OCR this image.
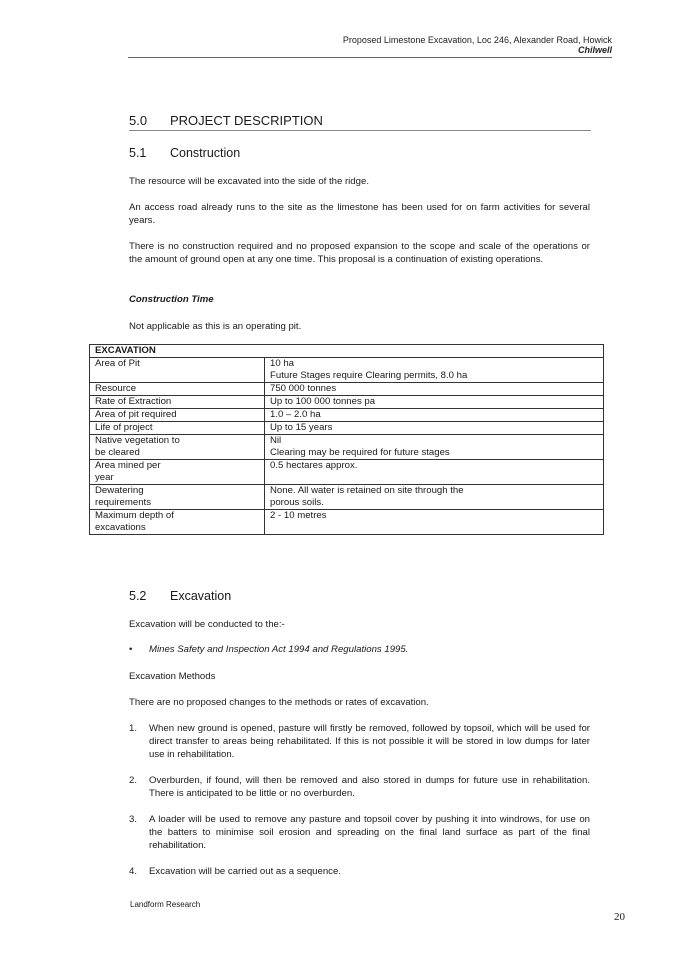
Proposed Limestone Excavation, Loc 246, Alexander Road, Howick
Chilwell
5.0 PROJECT DESCRIPTION
5.1 Construction
The resource will be excavated into the side of the ridge.
An access road already runs to the site as the limestone has been used for on farm activities for several years.
There is no construction required and no proposed expansion to the scope and scale of the operations or the amount of ground open at any one time. This proposal is a continuation of existing operations.
Construction Time
Not applicable as this is an operating pit.
EXCAVATION	
Area of Pit	10 ha
Future Stages require Clearing permits, 8.0 ha
Resource	750 000 tonnes
Rate of Extraction	Up to 100 000 tonnes pa
Area of pit required	1.0 – 2.0 ha
Life of project	Up to 15 years
Native vegetation to
be cleared	Nil
Clearing may be required for future stages
Area mined per
year	0.5 hectares approx.
Dewatering
requirements	None. All water is retained on site through the
porous soils.
Maximum depth of
excavations	2 - 10 metres
5.2 Excavation
Excavation will be conducted to the:-
• Mines Safety and Inspection Act 1994 and Regulations 1995.
Excavation Methods
There are no proposed changes to the methods or rates of excavation.
1. When new ground is opened, pasture will firstly be removed, followed by topsoil, which will be used for direct transfer to areas being rehabilitated. If this is not possible it will be stored in low dumps for later use in rehabilitation.
2. Overburden, if found, will then be removed and also stored in dumps for future use in rehabilitation. There is anticipated to be little or no overburden.
3. A loader will be used to remove any pasture and topsoil cover by pushing it into windrows, for use on the batters to minimise soil erosion and spreading on the final land surface as part of the final rehabilitation.
4. Excavation will be carried out as a sequence.
Landform Research
20
